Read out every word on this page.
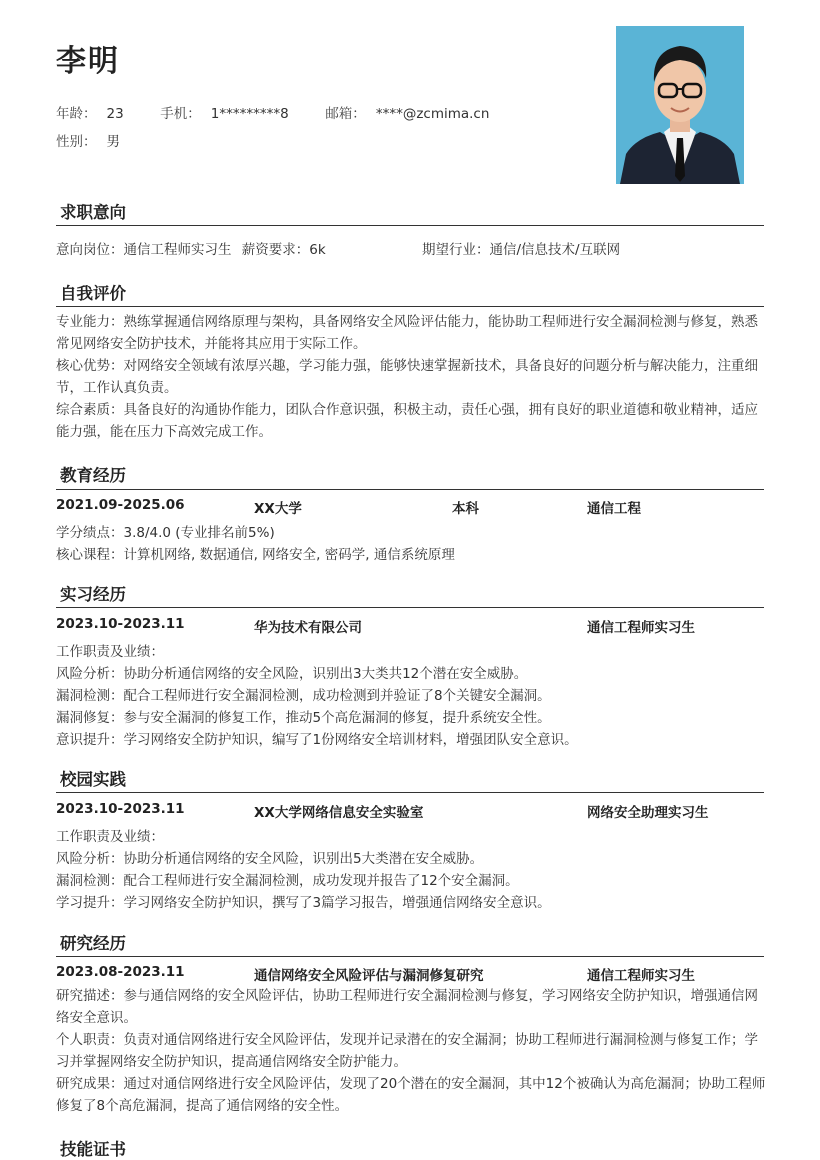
李明
年龄： 23	手机： 1*********8	邮箱： ****@zcmima.cn
性别： 男
求职意向
意向岗位：通信工程师实习生 薪资要求：6k	期望行业：通信/信息技术/互联网
自我评价
专业能力：熟练掌握通信网络原理与架构，具备网络安全风险评估能力，能协助工程师进行安全漏洞检测与修复，熟悉常见网络安全防护技术，并能将其应用于实际工作。
核心优势：对网络安全领域有浓厚兴趣，学习能力强，能够快速掌握新技术，具备良好的问题分析与解决能力，注重细节，工作认真负责。
综合素质：具备良好的沟通协作能力，团队合作意识强，积极主动，责任心强，拥有良好的职业道德和敬业精神，适应能力强，能在压力下高效完成工作。
教育经历
2021.09-2025.06	XX大学	本科	通信工程
学分绩点：3.8/4.0 (专业排名前5%)
核心课程：计算机网络, 数据通信, 网络安全, 密码学, 通信系统原理
实习经历
2023.10-2023.11	华为技术有限公司	通信工程师实习生
工作职责及业绩：
风险分析：协助分析通信网络的安全风险，识别出3大类共12个潜在安全威胁。
漏洞检测：配合工程师进行安全漏洞检测，成功检测到并验证了8个关键安全漏洞。
漏洞修复：参与安全漏洞的修复工作，推动5个高危漏洞的修复，提升系统安全性。
意识提升：学习网络安全防护知识，编写了1份网络安全培训材料，增强团队安全意识。
校园实践
2023.10-2023.11	XX大学网络信息安全实验室	网络安全助理实习生
工作职责及业绩：
风险分析：协助分析通信网络的安全风险，识别出5大类潜在安全威胁。
漏洞检测：配合工程师进行安全漏洞检测，成功发现并报告了12个安全漏洞。
学习提升：学习网络安全防护知识，撰写了3篇学习报告，增强通信网络安全意识。
研究经历
2023.08-2023.11	通信网络安全风险评估与漏洞修复研究	通信工程师实习生
研究描述：参与通信网络的安全风险评估，协助工程师进行安全漏洞检测与修复，学习网络安全防护知识，增强通信网络安全意识。
个人职责：负责对通信网络进行安全风险评估，发现并记录潜在的安全漏洞；协助工程师进行漏洞检测与修复工作；学习并掌握网络安全防护知识，提高通信网络安全防护能力。
研究成果：通过对通信网络进行安全风险评估，发现了20个潜在的安全漏洞，其中12个被确认为高危漏洞；协助工程师修复了8个高危漏洞，提高了通信网络的安全性。
技能证书
